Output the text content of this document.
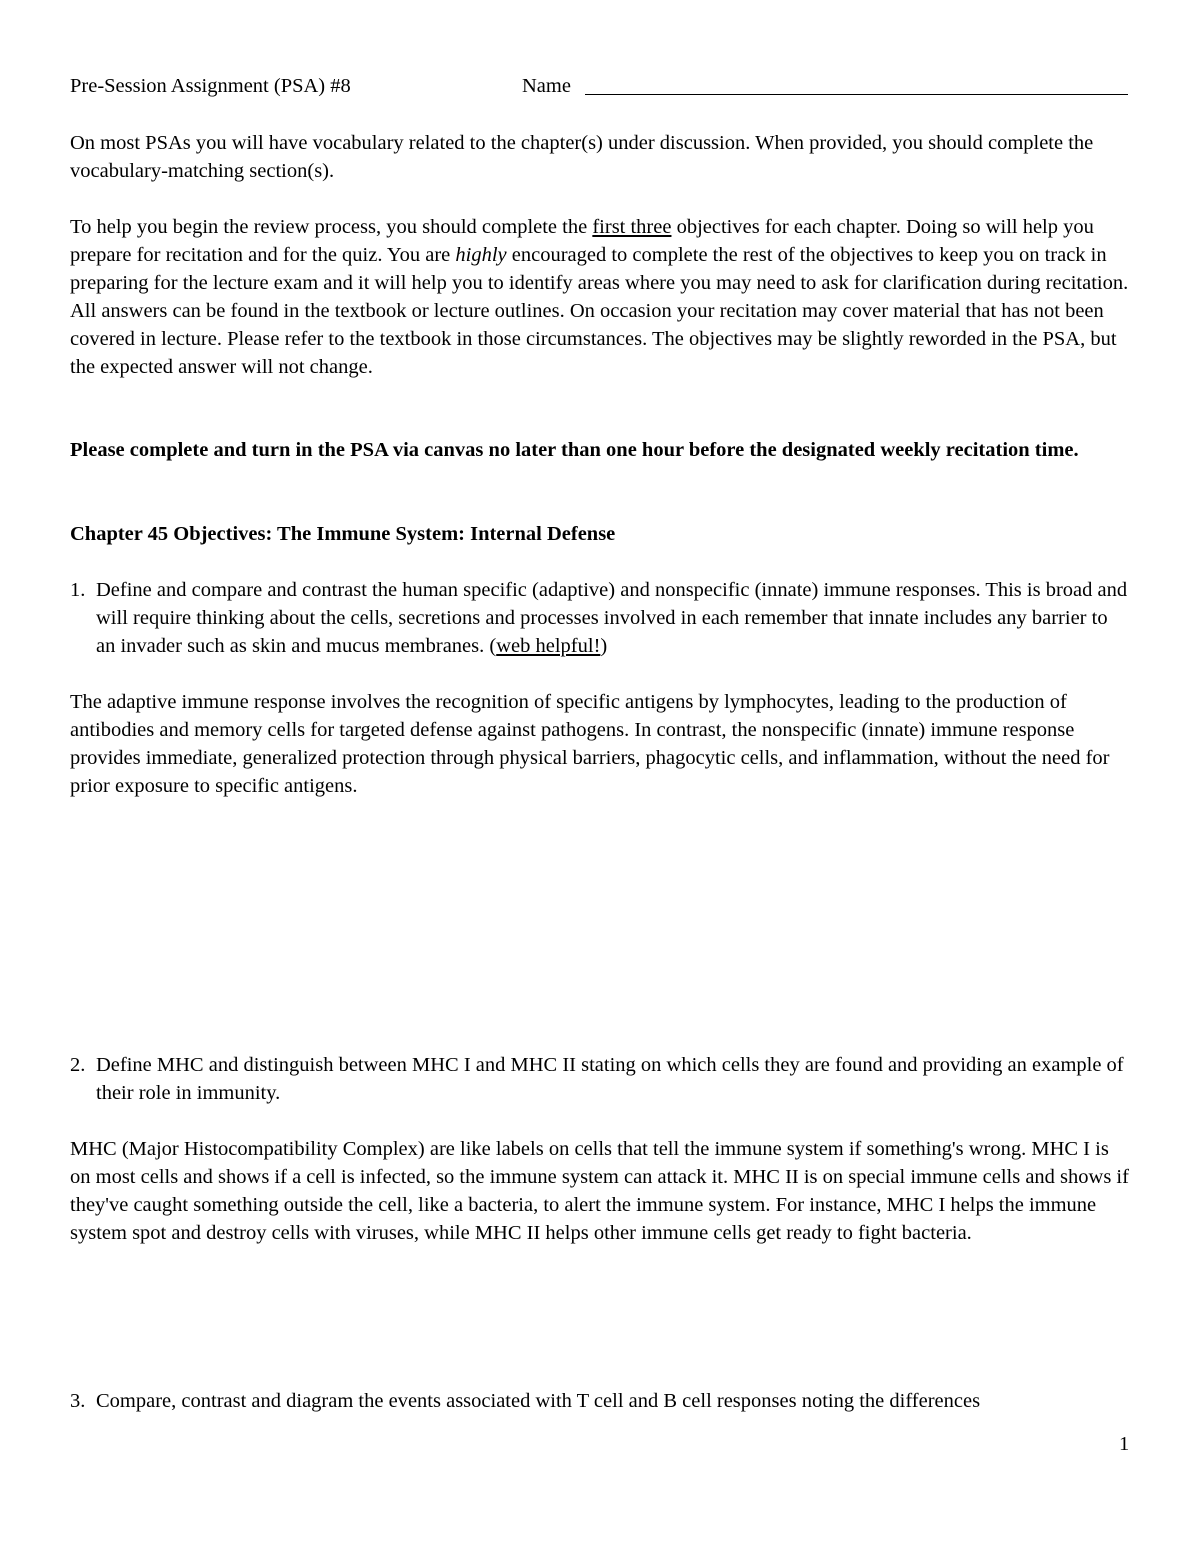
Pre-Session Assignment (PSA) #8	Name

On most PSAs you will have vocabulary related to the chapter(s) under discussion. When provided, you should complete the vocabulary-matching section(s).

To help you begin the review process, you should complete the first three objectives for each chapter. Doing so will help you prepare for recitation and for the quiz. You are highly encouraged to complete the rest of the objectives to keep you on track in preparing for the lecture exam and it will help you to identify areas where you may need to ask for clarification during recitation. All answers can be found in the textbook or lecture outlines. On occasion your recitation may cover material that has not been covered in lecture. Please refer to the textbook in those circumstances. The objectives may be slightly reworded in the PSA, but the expected answer will not change.

Please complete and turn in the PSA via canvas no later than one hour before the designated weekly recitation time.

Chapter 45 Objectives: The Immune System: Internal Defense

1. Define and compare and contrast the human specific (adaptive) and nonspecific (innate) immune responses. This is broad and will require thinking about the cells, secretions and processes involved in each remember that innate includes any barrier to an invader such as skin and mucus membranes. (web helpful!)

The adaptive immune response involves the recognition of specific antigens by lymphocytes, leading to the production of antibodies and memory cells for targeted defense against pathogens. In contrast, the nonspecific (innate) immune response provides immediate, generalized protection through physical barriers, phagocytic cells, and inflammation, without the need for prior exposure to specific antigens.

2. Define MHC and distinguish between MHC I and MHC II stating on which cells they are found and providing an example of their role in immunity.

MHC (Major Histocompatibility Complex) are like labels on cells that tell the immune system if something's wrong. MHC I is on most cells and shows if a cell is infected, so the immune system can attack it. MHC II is on special immune cells and shows if they've caught something outside the cell, like a bacteria, to alert the immune system. For instance, MHC I helps the immune system spot and destroy cells with viruses, while MHC II helps other immune cells get ready to fight bacteria.

3. Compare, contrast and diagram the events associated with T cell and B cell responses noting the differences
1
